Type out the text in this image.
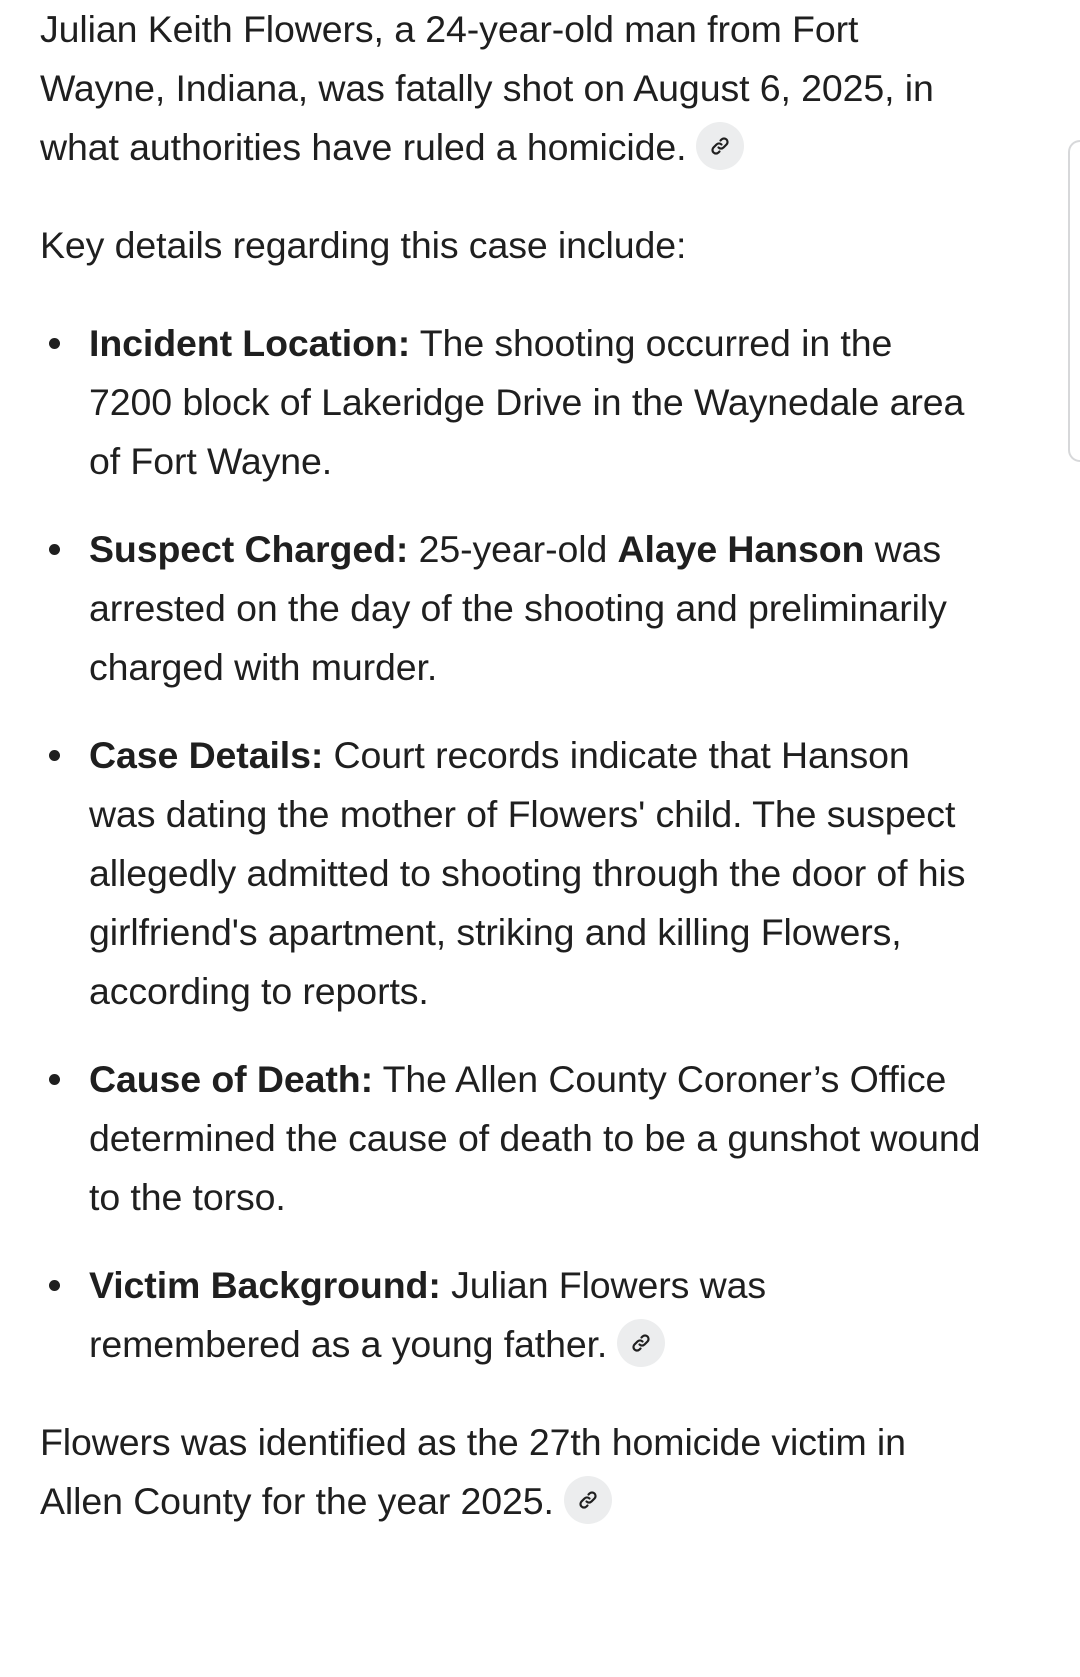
Julian Keith Flowers, a 24-year-old man from Fort Wayne, Indiana, was fatally shot on August 6, 2025, in what authorities have ruled a homicide.

Key details regarding this case include:

Incident Location: The shooting occurred in the 7200 block of Lakeridge Drive in the Waynedale area of Fort Wayne.
Suspect Charged: 25-year-old Alaye Hanson was arrested on the day of the shooting and preliminarily charged with murder.
Case Details: Court records indicate that Hanson was dating the mother of Flowers' child. The suspect allegedly admitted to shooting through the door of his girlfriend's apartment, striking and killing Flowers, according to reports.
Cause of Death: The Allen County Coroner’s Office determined the cause of death to be a gunshot wound to the torso.
Victim Background: Julian Flowers was remembered as a young father.

Flowers was identified as the 27th homicide victim in Allen County for the year 2025.
